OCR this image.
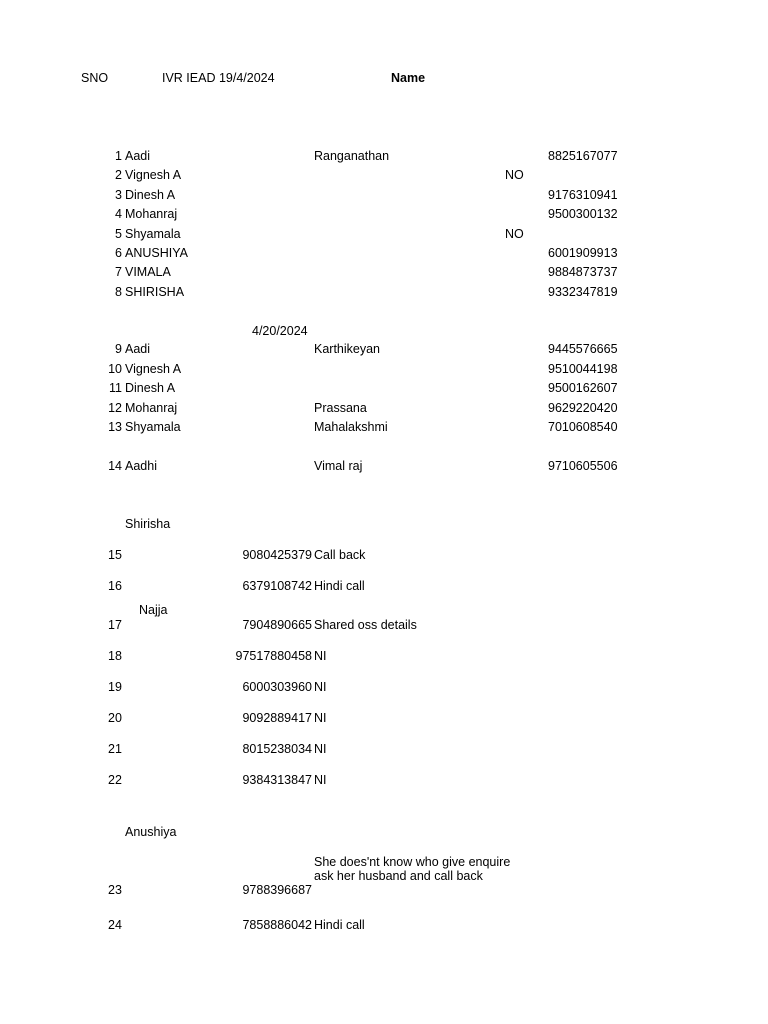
SNO	IVR IEAD 19/4/2024	Name
1 Aadi	Ranganathan	8825167077
2 Vignesh A	NO
3 Dinesh A	9176310941
4 Mohanraj	9500300132
5 Shyamala	NO
6 ANUSHIYA	6001909913
7 VIMALA	9884873737
8 SHIRISHA	9332347819
4/20/2024
9 Aadi	Karthikeyan	9445576665
10 Vignesh A	9510044198
11 Dinesh A	9500162607
12 Mohanraj	Prassana	9629220420
13 Shyamala	Mahalakshmi	7010608540
14 Aadhi	Vimal raj	9710605506
Shirisha
15	9080425379 Call back
16	6379108742 Hindi call
Najja
17	7904890665 Shared oss details
18	97517880458 NI
19	6000303960 NI
20	9092889417 NI
21	8015238034 NI
22	9384313847 NI
Anushiya
23	9788396687
She does'nt know who give enquire ask her husband and call back
24	7858886042 Hindi call
